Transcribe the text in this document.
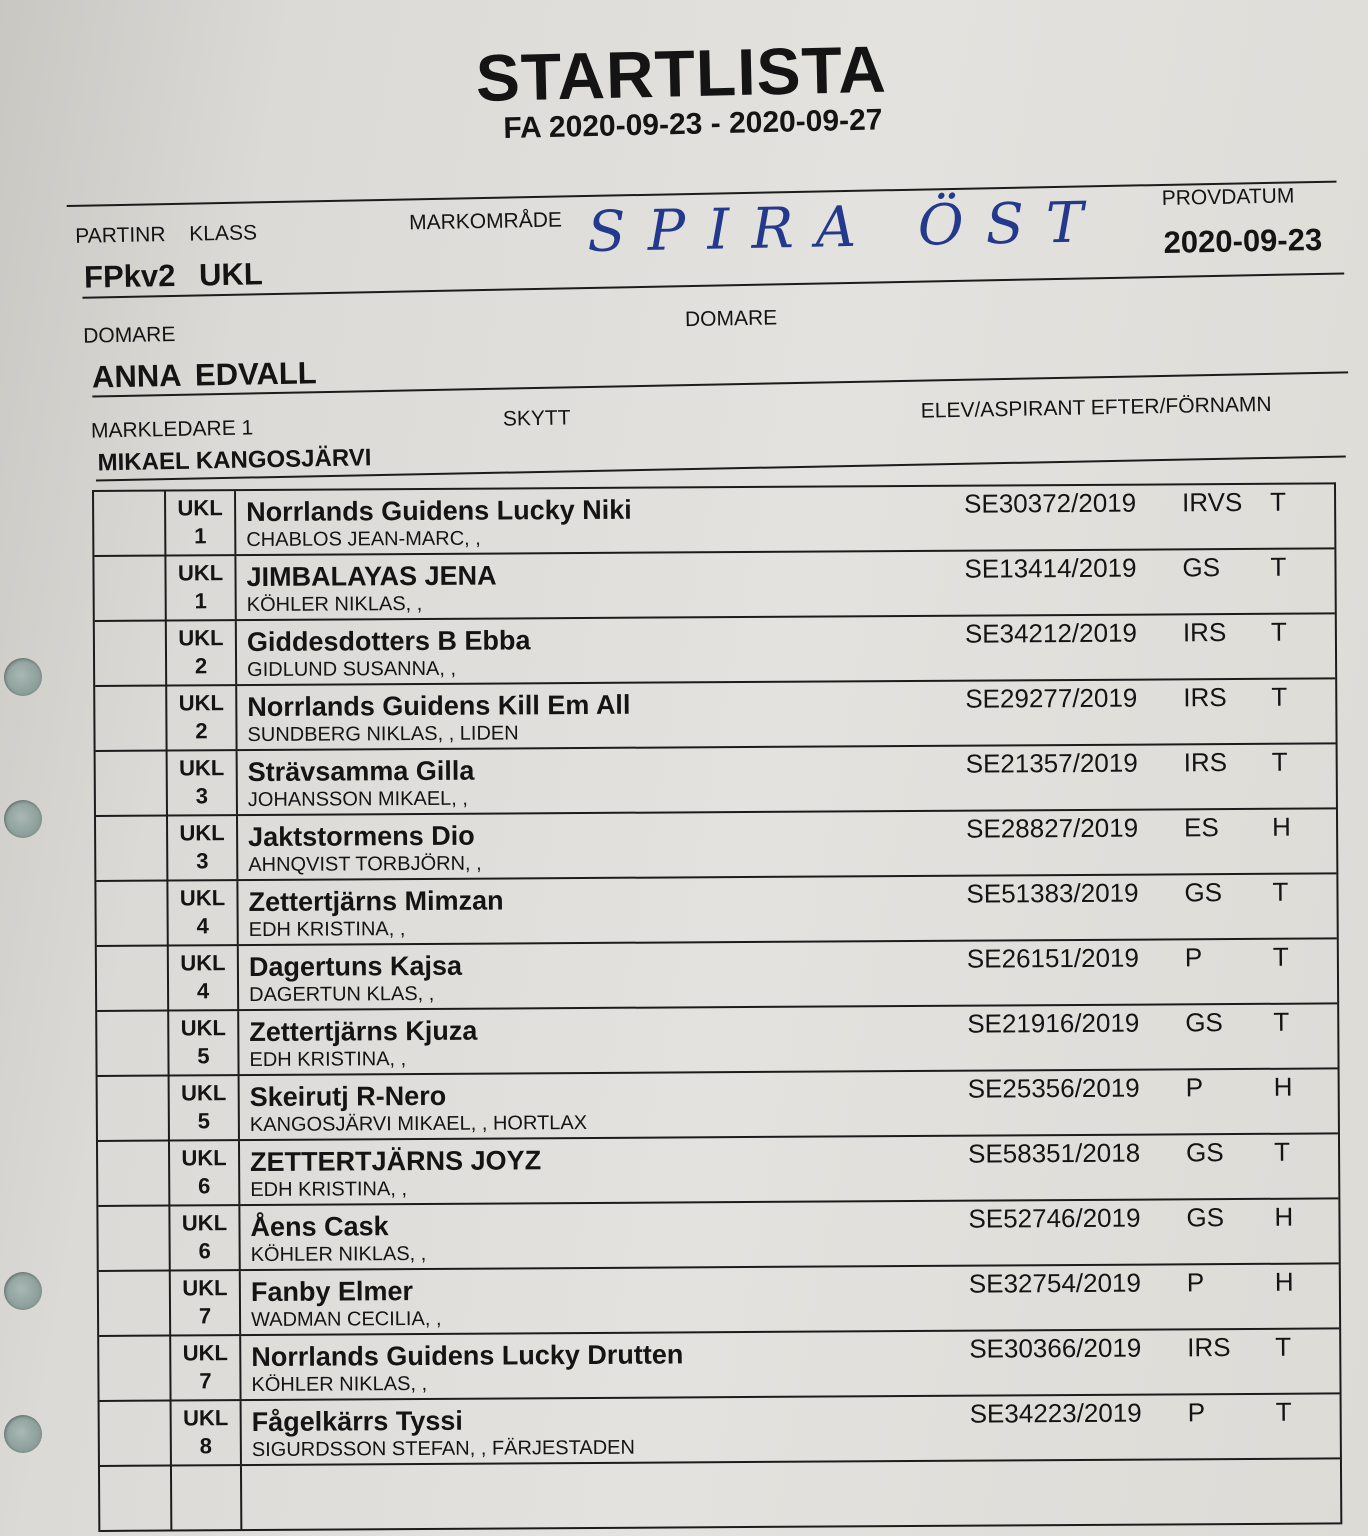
STARTLISTA
FA 2020-09-23 - 2020-09-27
PARTINR KLASS	MARKOMRÅDE SPIRA ÖST	PROVDATUM
2020-09-23
FPkv2 UKL
DOMARE
DOMARE
ANNA EDVALL
MARKLEDARE 1	SKYTT	ELEV/ASPIRANT EFTER/FÖRNAMN
MIKAEL KANGOSJÄRVI
UKL
1
Norrlands Guidens Lucky Niki
CHABLOS JEAN-MARC, ,
SE30372/2019 IRVS T
UKL
1
JIMBALAYAS JENA
KÖHLER NIKLAS, ,
SE13414/2019 GS T
UKL
2
Giddesdotters B Ebba
GIDLUND SUSANNA, ,
SE34212/2019 IRS T
UKL
2
Norrlands Guidens Kill Em All
SUNDBERG NIKLAS, , LIDEN
SE29277/2019 IRS T
UKL
3
Strävsamma Gilla
JOHANSSON MIKAEL, ,
SE21357/2019 IRS T
UKL
3
Jaktstormens Dio
AHNQVIST TORBJÖRN, ,
SE28827/2019 ES H
UKL
4
Zettertjärns Mimzan
EDH KRISTINA, ,
SE51383/2019 GS T
UKL
4
Dagertuns Kajsa
DAGERTUN KLAS, ,
SE26151/2019 P	T
UKL
5
Zettertjärns Kjuza
EDH KRISTINA, ,
SE21916/2019 GS T
UKL
5
Skeirutj R-Nero
KANGOSJÄRVI MIKAEL, , HORTLAX
SE25356/2019 P	H
UKL
6
ZETTERTJÄRNS JOYZ
EDH KRISTINA, ,
SE58351/2018 GS T
UKL
6
Åens Cask
KÖHLER NIKLAS, ,
SE52746/2019 GS H
UKL
7
Fanby Elmer
WADMAN CECILIA, ,
SE32754/2019 P	H
UKL
7
Norrlands Guidens Lucky Drutten
KÖHLER NIKLAS, ,
SE30366/2019 IRS T
UKL
8
Fågelkärrs Tyssi
SIGURDSSON STEFAN, , FÄRJESTADEN
SE34223/2019 P	T
